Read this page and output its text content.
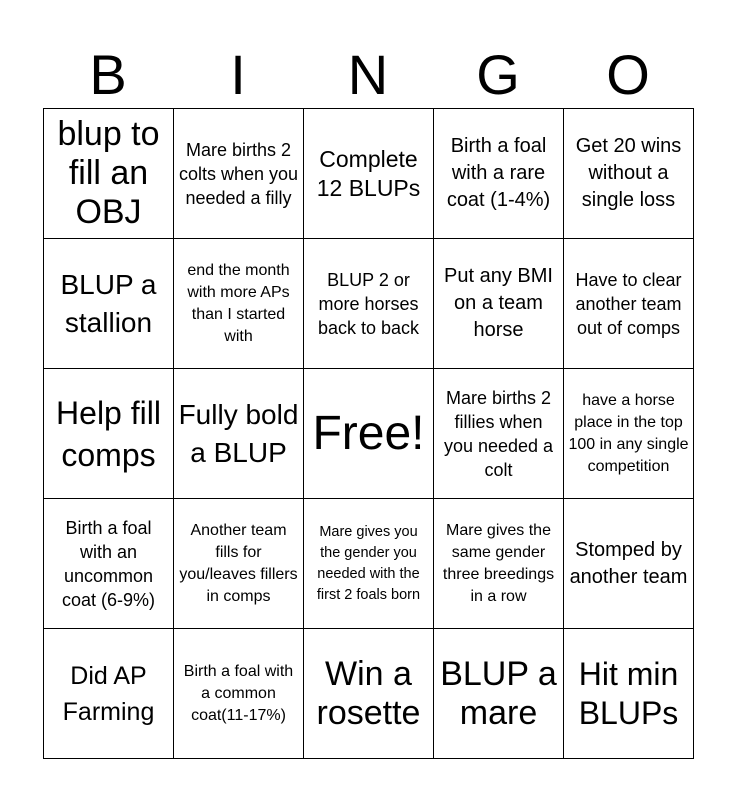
B	I	N	G	O
blup to fill an OBJ	Mare births 2 colts when you needed a filly	Complete 12 BLUPs	Birth a foal with a rare coat (1-4%)	Get 20 wins without a single loss

BLUP a stallion	end the month with more APs than I started with	BLUP 2 or more horses back to back	Put any BMI on a team horse	Have to clear another team out of comps

Help fill comps	Fully bold a BLUP	Free!	Mare births 2 fillies when you needed a colt	have a horse place in the top 100 in any single competition

Birth a foal with an uncommon coat (6-9%)	Another team fills for you/leaves fillers in comps	Mare gives you the gender you needed with the first 2 foals born	Mare gives the same gender three breedings in a row	Stomped by another team

Did AP Farming	Birth a foal with a common coat(11-17%)	Win a rosette	BLUP a mare	Hit min BLUPs
